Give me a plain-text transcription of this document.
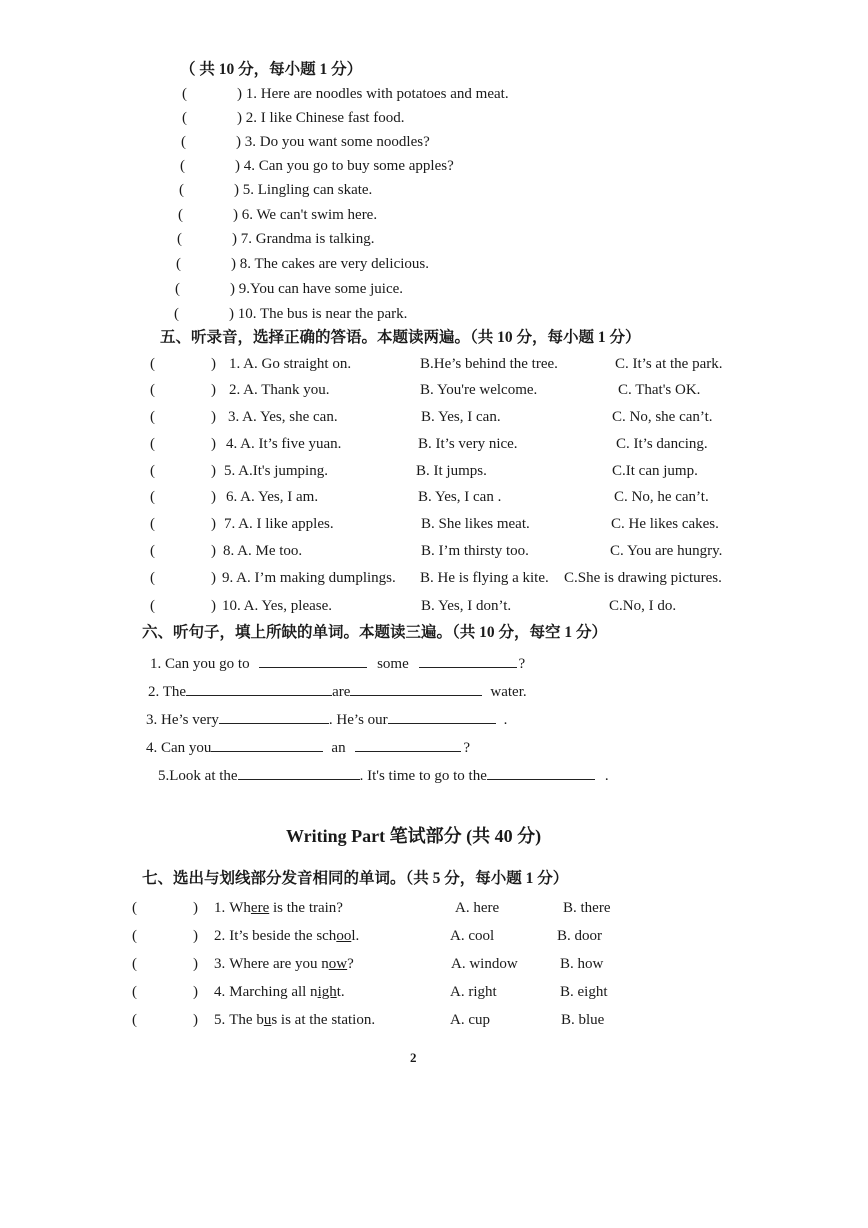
（ 共 10 分，每小题 1 分）
(	) 1. Here are noodles with potatoes and meat.
(	) 2. I like Chinese fast food.
(	) 3. Do you want some noodles?
(	) 4. Can you go to buy some apples?
(	) 5. Lingling can skate.
(	) 6. We can't swim here.
(	) 7. Grandma is talking.
(	) 8. The cakes are very delicious.
(	) 9.You can have some juice.
(	) 10. The bus is near the park.
五、听录音，选择正确的答语。本题读两遍。（共 10 分，每小题 1 分）
(	) 1. A. Go straight on.	B.He’s behind the tree.	C. It’s at the park.
(	) 2. A. Thank you.	B. You're welcome.	C. That's OK.
(	) 3. A. Yes, she can.	B. Yes, I can.	C. No, she can’t.
(	) 4. A. It’s five yuan.	B. It’s very nice.	C. It’s dancing.
(	) 5. A.It's jumping.	B. It jumps.	C.It can jump.
(	) 6. A. Yes, I am.	B. Yes, I can .	C. No, he can’t.
(	) 7. A. I like apples.	B. She likes meat.	C. He likes cakes.
(	) 8. A. Me too.	B. I’m thirsty too.	C. You are hungry.
(	) 9. A. I’m making dumplings. B. He is flying a kite. C.She is drawing pictures.
(	) 10. A. Yes, please.	B. Yes, I don’t.	C.No, I do.
六、听句子，填上所缺的单词。本题读三遍。（共 10 分，每空 1 分）
1. Can you go to	some	?
2. The	are	water.
3. He’s very	. He’s our	.
4. Can you	an	?
5.Look at the	. It's time to go to the	.
Writing Part 笔试部分 (共 40 分)
七、选出与划线部分发音相同的单词。（共 5 分，每小题 1 分）
(	) 1. Where is the train?	A. here	B. there
(	) 2. It’s beside the school.	A. cool	B. door
(	) 3. Where are you now?	A. window	B. how
(	) 4. Marching all night.	A. right	B. eight
(	) 5. The bus is at the station.	A. cup	B. blue
2
